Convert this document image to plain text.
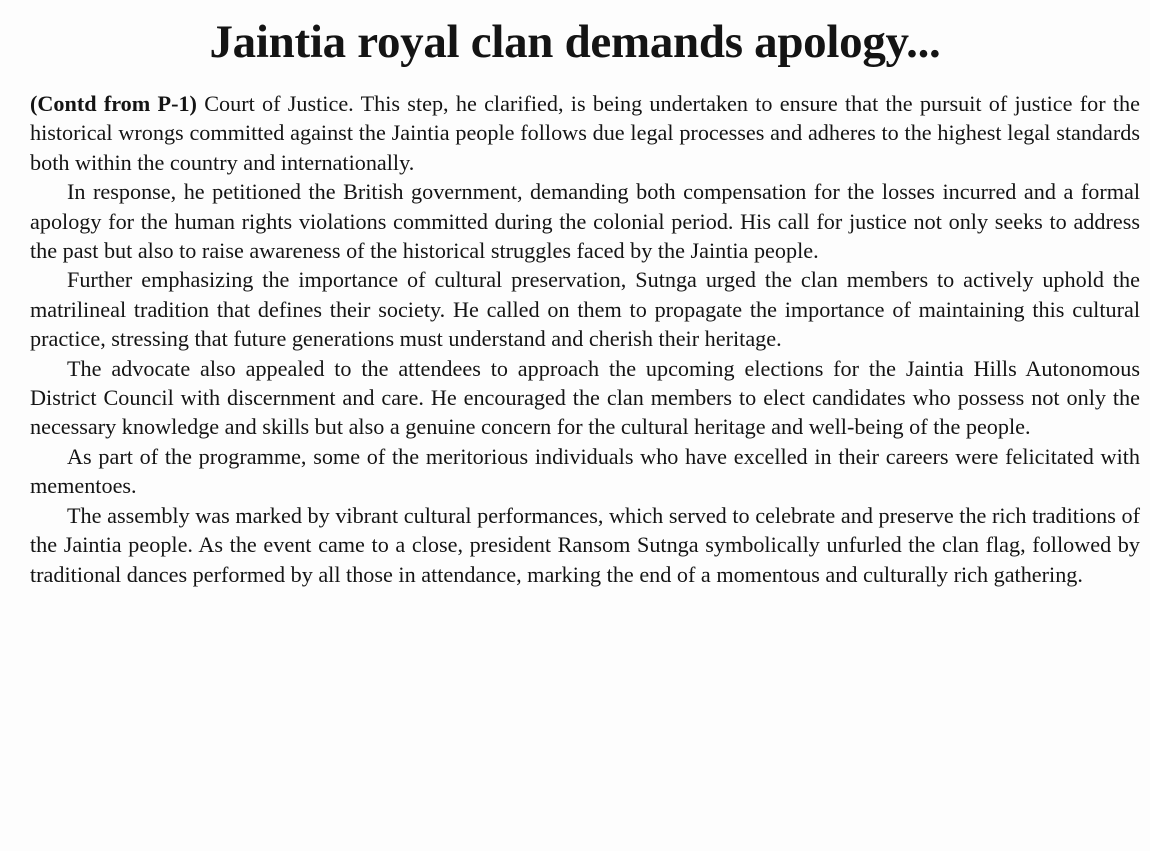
Jaintia royal clan demands apology...

(Contd from P-1) Court of Justice. This step, he clarified, is being undertaken to ensure that the pursuit of justice for the historical wrongs committed against the Jaintia people follows due legal processes and adheres to the highest legal standards both within the country and internationally.

In response, he petitioned the British government, demanding both compensation for the losses incurred and a formal apology for the human rights violations committed during the colonial period. His call for justice not only seeks to address the past but also to raise awareness of the historical struggles faced by the Jaintia people.

Further emphasizing the importance of cultural preservation, Sutnga urged the clan members to actively uphold the matrilineal tradition that defines their society. He called on them to propagate the importance of maintaining this cultural practice, stressing that future generations must understand and cherish their heritage.

The advocate also appealed to the attendees to approach the upcoming elections for the Jaintia Hills Autonomous District Council with discernment and care. He encouraged the clan members to elect candidates who possess not only the necessary knowledge and skills but also a genuine concern for the cultural heritage and well-being of the people.

As part of the programme, some of the meritorious individuals who have excelled in their careers were felicitated with mementoes.

The assembly was marked by vibrant cultural performances, which served to celebrate and preserve the rich traditions of the Jaintia people. As the event came to a close, president Ransom Sutnga symbolically unfurled the clan flag, followed by traditional dances performed by all those in attendance, marking the end of a momentous and culturally rich gathering.
